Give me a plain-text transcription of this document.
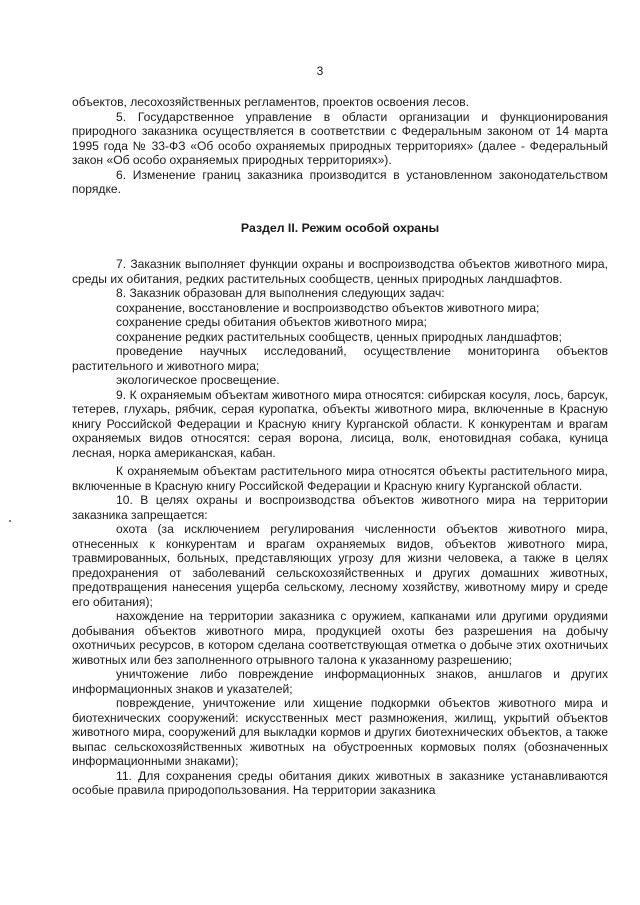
3

объектов, лесохозяйственных регламентов, проектов освоения лесов.

5. Государственное управление в области организации и функционирования природного заказника осуществляется в соответствии с Федеральным законом от 14 марта 1995 года № 33-ФЗ «Об особо охраняемых природных территориях» (далее - Федеральный закон «Об особо охраняемых природных территориях»).

6. Изменение границ заказника производится в установленном законодательством порядке.

Раздел II. Режим особой охраны

7. Заказник выполняет функции охраны и воспроизводства объектов животного мира, среды их обитания, редких растительных сообществ, ценных природных ландшафтов.

8. Заказник образован для выполнения следующих задач:

сохранение, восстановление и воспроизводство объектов животного мира;

сохранение среды обитания объектов животного мира;

сохранение редких растительных сообществ, ценных природных ландшафтов;

проведение научных исследований, осуществление мониторинга объектов растительного и животного мира;

экологическое просвещение.

9. К охраняемым объектам животного мира относятся: сибирская косуля, лось, барсук, тетерев, глухарь, рябчик, серая куропатка, объекты животного мира, включенные в Красную книгу Российской Федерации и Красную книгу Курганской области. К конкурентам и врагам охраняемых видов относятся: серая ворона, лисица, волк, енотовидная собака, куница лесная, норка американская, кабан.

К охраняемым объектам растительного мира относятся объекты растительного мира, включенные в Красную книгу Российской Федерации и Красную книгу Курганской области.

10. В целях охраны и воспроизводства объектов животного мира на территории заказника запрещается:

охота (за исключением регулирования численности объектов животного мира, отнесенных к конкурентам и врагам охраняемых видов, объектов животного мира, травмированных, больных, представляющих угрозу для жизни человека, а также в целях предохранения от заболеваний сельскохозяйственных и других домашних животных, предотвращения нанесения ущерба сельскому, лесному хозяйству, животному миру и среде его обитания);

нахождение на территории заказника с оружием, капканами или другими орудиями добывания объектов животного мира, продукцией охоты без разрешения на добычу охотничьих ресурсов, в котором сделана соответствующая отметка о добыче этих охотничьих животных или без заполненного отрывного талона к указанному разрешению;

уничтожение либо повреждение информационных знаков, аншлагов и других информационных знаков и указателей;

повреждение, уничтожение или хищение подкормки объектов животного мира и биотехнических сооружений: искусственных мест размножения, жилищ, укрытий объектов животного мира, сооружений для выкладки кормов и других биотехнических объектов, а также выпас сельскохозяйственных животных на обустроенных кормовых полях (обозначенных информационными знаками);

11. Для сохранения среды обитания диких животных в заказнике устанавливаются особые правила природопользования. На территории заказника
